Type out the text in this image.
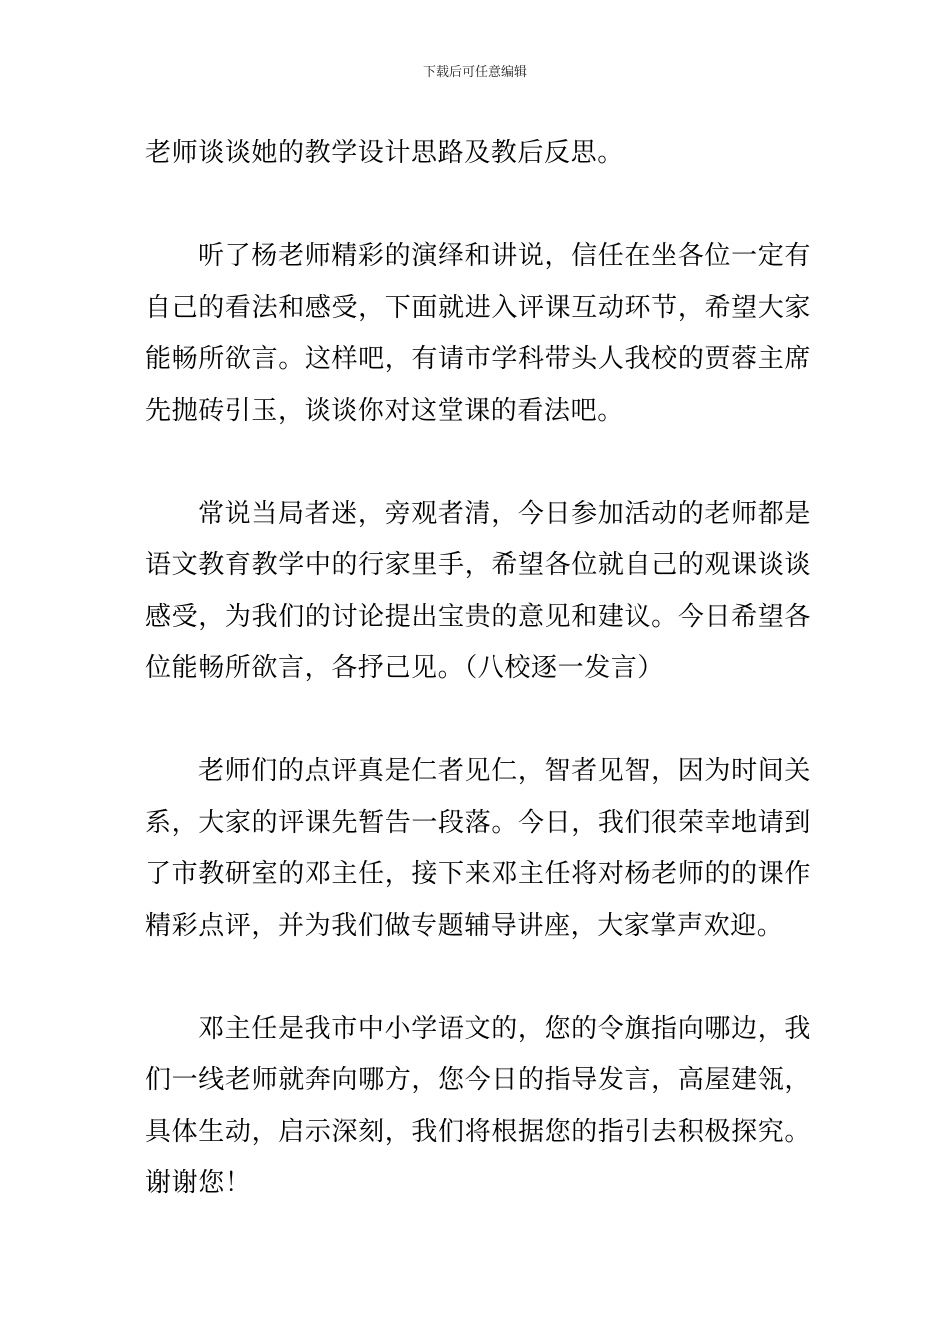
下载后可任意编辑

老师谈谈她的教学设计思路及教后反思。

听了杨老师精彩的演绎和讲说，信任在坐各位一定有自己的看法和感受，下面就进入评课互动环节，希望大家能畅所欲言。这样吧，有请市学科带头人我校的贾蓉主席先抛砖引玉，谈谈你对这堂课的看法吧。

常说当局者迷，旁观者清，今日参加活动的老师都是语文教育教学中的行家里手，希望各位就自己的观课谈谈感受，为我们的讨论提出宝贵的意见和建议。今日希望各位能畅所欲言，各抒己见。（八校逐一发言）

老师们的点评真是仁者见仁，智者见智，因为时间关系，大家的评课先暂告一段落。今日，我们很荣幸地请到了市教研室的邓主任，接下来邓主任将对杨老师的的课作精彩点评，并为我们做专题辅导讲座，大家掌声欢迎。

邓主任是我市中小学语文的，您的令旗指向哪边，我们一线老师就奔向哪方，您今日的指导发言，高屋建瓴，具体生动，启示深刻，我们将根据您的指引去积极探究。谢谢您！
